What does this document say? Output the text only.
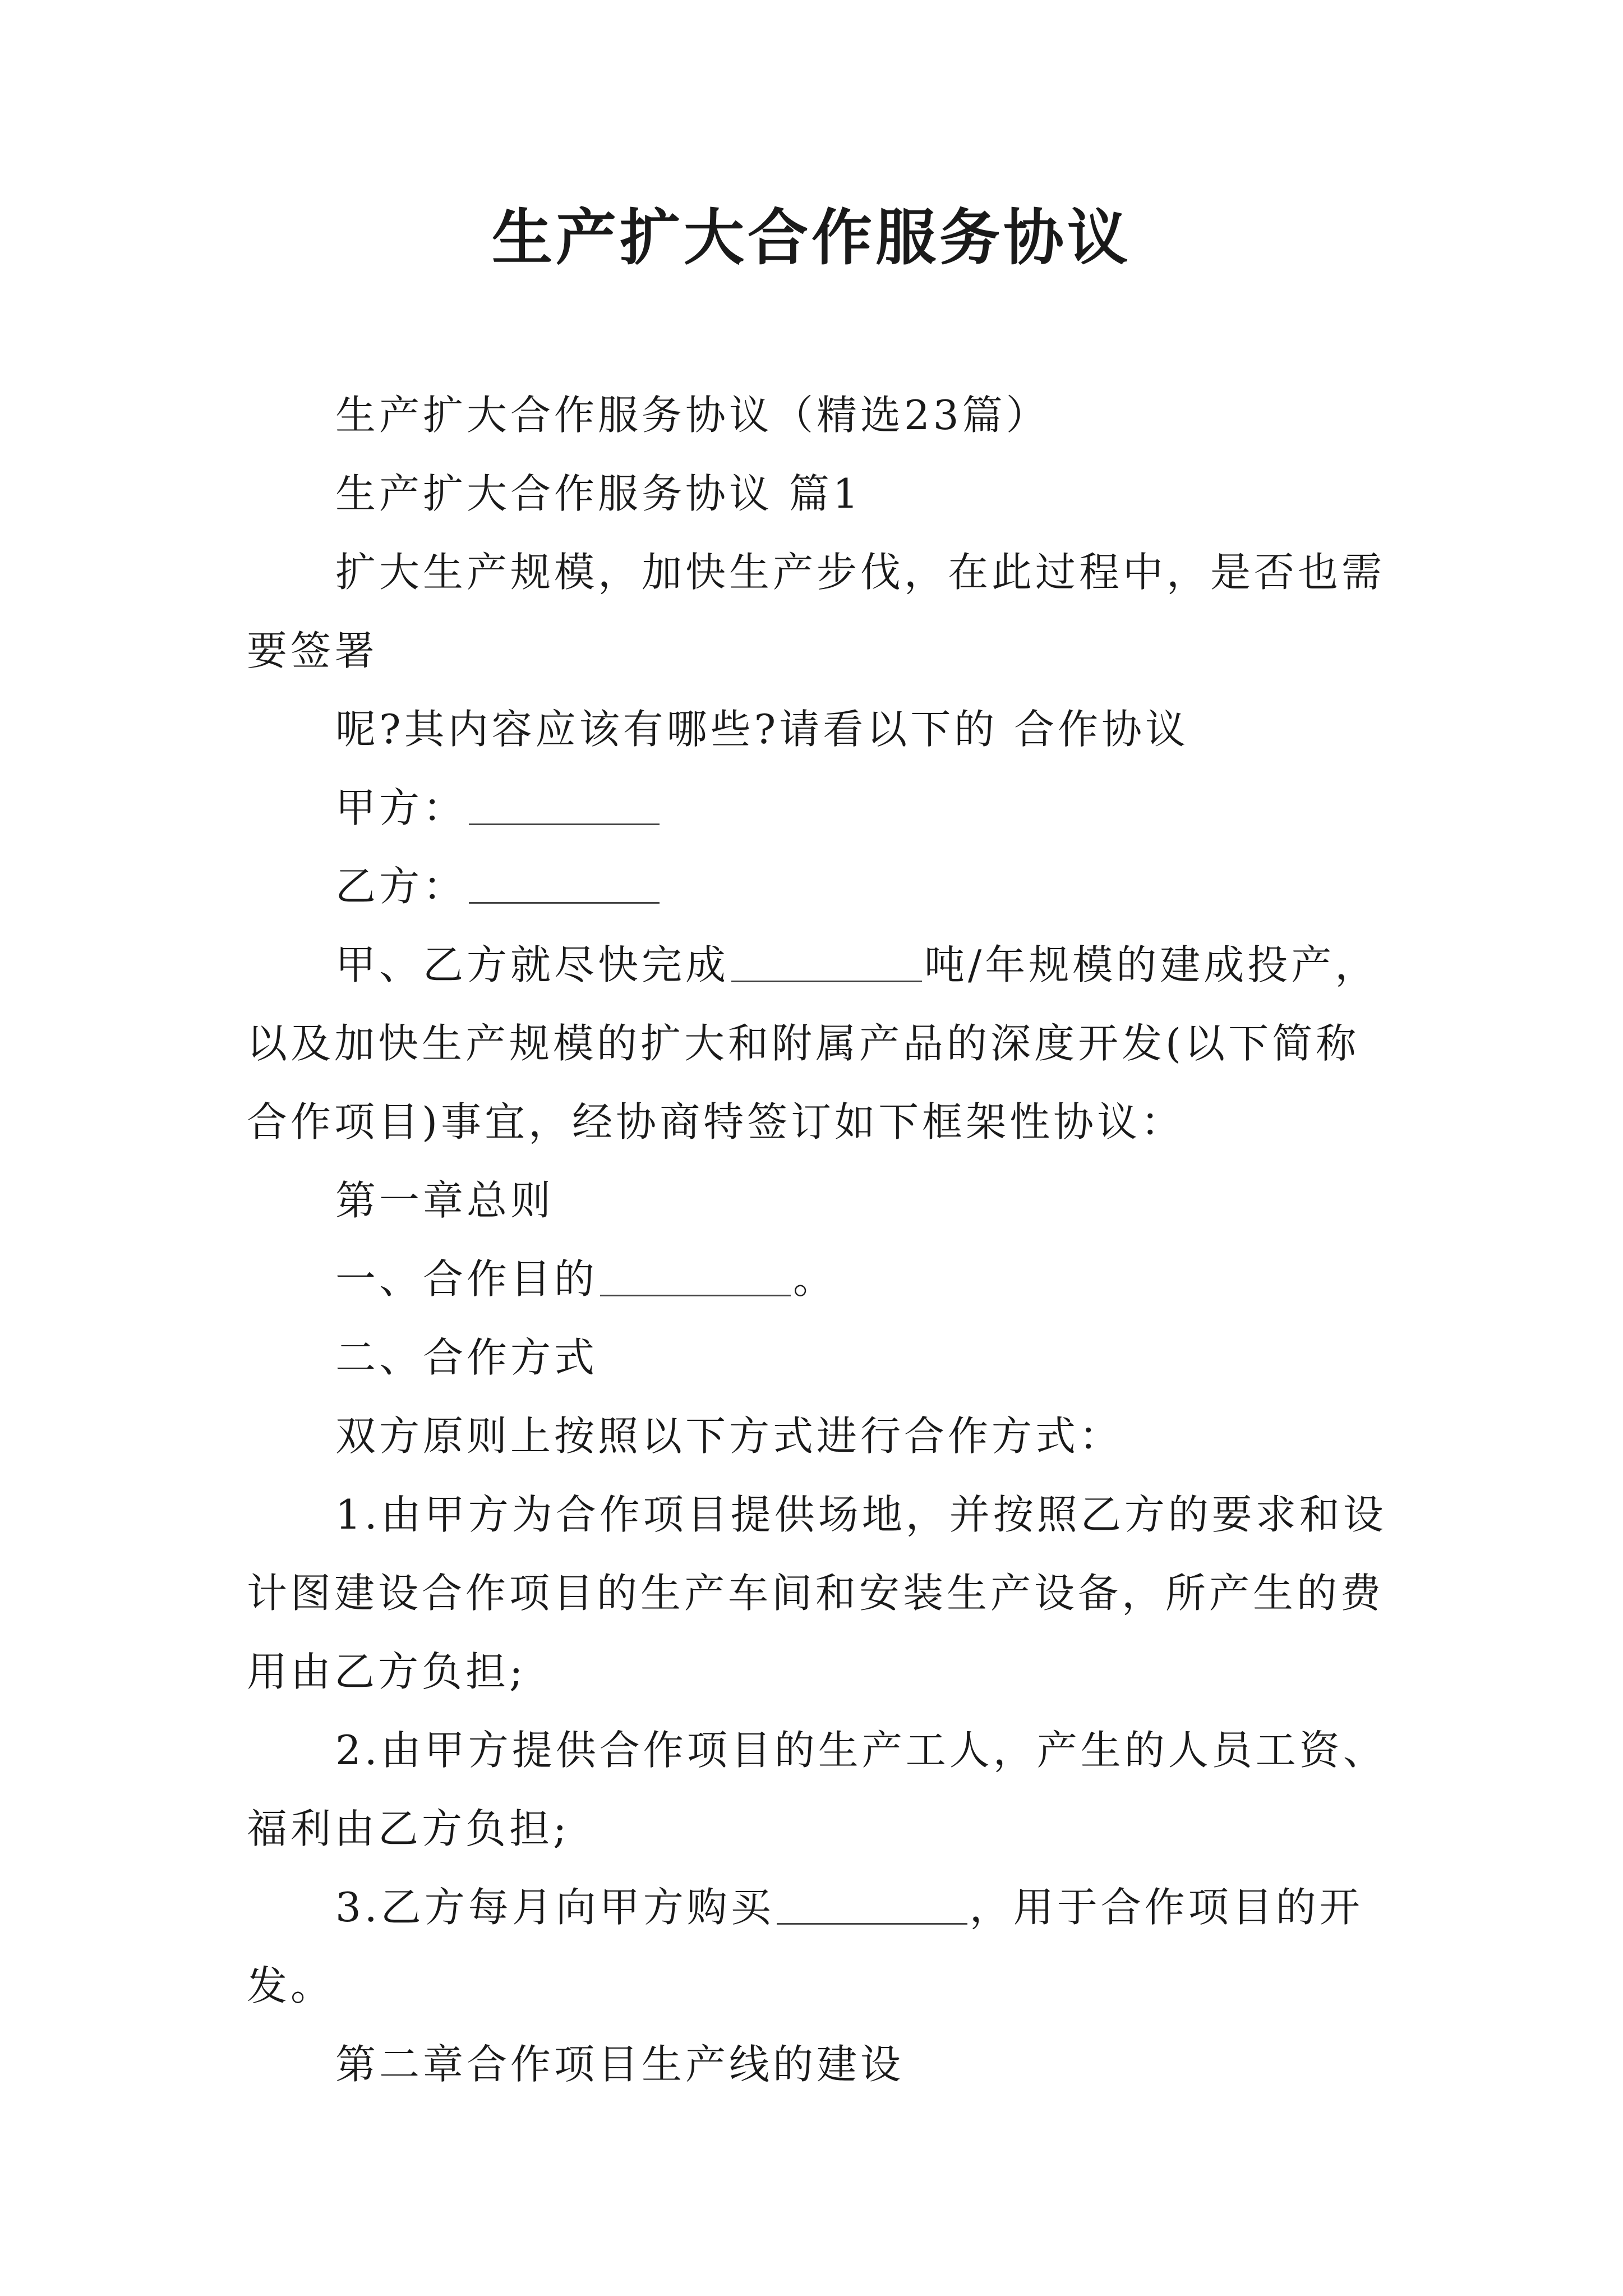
生产扩大合作服务协议

生产扩大合作服务协议（精选23篇）

生产扩大合作服务协议 篇1

扩大生产规模，加快生产步伐，在此过程中，是否也需要签署

呢?其内容应该有哪些?请看以下的 合作协议

甲方：

乙方：

甲、乙方就尽快完成	吨/年规模的建成投产，以及加快生产规模的扩大和附属产品的深度开发(以下简称合作项目)事宜，经协商特签订如下框架性协议：

第一章总则

一、合作目的	。

二、合作方式

双方原则上按照以下方式进行合作方式：

1.由甲方为合作项目提供场地，并按照乙方的要求和设计图建设合作项目的生产车间和安装生产设备，所产生的费用由乙方负担;

2.由甲方提供合作项目的生产工人，产生的人员工资、福利由乙方负担;

3.乙方每月向甲方购买	，用于合作项目的开发。

第二章合作项目生产线的建设
